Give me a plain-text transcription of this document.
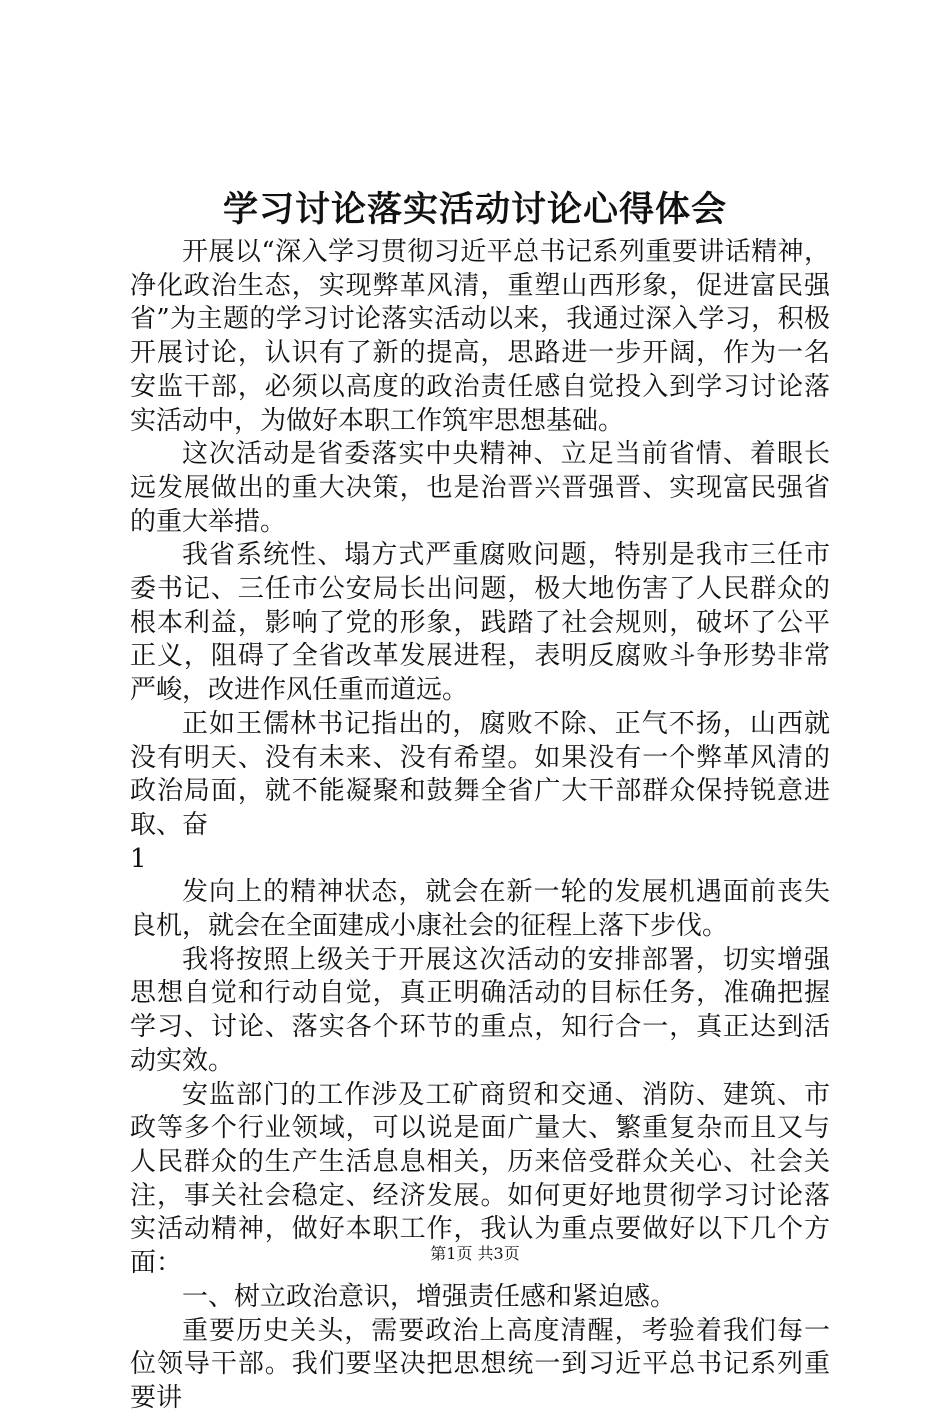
学习讨论落实活动讨论心得体会

开展以“深入学习贯彻习近平总书记系列重要讲话精神，净化政治生态，实现弊革风清，重塑山西形象，促进富民强省”为主题的学习讨论落实活动以来，我通过深入学习，积极开展讨论，认识有了新的提高，思路进一步开阔，作为一名安监干部，必须以高度的政治责任感自觉投入到学习讨论落实活动中，为做好本职工作筑牢思想基础。

这次活动是省委落实中央精神、立足当前省情、着眼长远发展做出的重大决策，也是治晋兴晋强晋、实现富民强省的重大举措。

我省系统性、塌方式严重腐败问题，特别是我市三任市委书记、三任市公安局长出问题，极大地伤害了人民群众的根本利益，影响了党的形象，践踏了社会规则，破坏了公平正义，阻碍了全省改革发展进程，表明反腐败斗争形势非常严峻，改进作风任重而道远。

正如王儒林书记指出的，腐败不除、正气不扬，山西就没有明天、没有未来、没有希望。如果没有一个弊革风清的政治局面，就不能凝聚和鼓舞全省广大干部群众保持锐意进取、奋

1

发向上的精神状态，就会在新一轮的发展机遇面前丧失良机，就会在全面建成小康社会的征程上落下步伐。

我将按照上级关于开展这次活动的安排部署，切实增强思想自觉和行动自觉，真正明确活动的目标任务，准确把握学习、讨论、落实各个环节的重点，知行合一，真正达到活动实效。

安监部门的工作涉及工矿商贸和交通、消防、建筑、市政等多个行业领域，可以说是面广量大、繁重复杂而且又与人民群众的生产生活息息相关，历来倍受群众关心、社会关注，事关社会稳定、经济发展。如何更好地贯彻学习讨论落实活动精神，做好本职工作，我认为重点要做好以下几个方面：

一、树立政治意识，增强责任感和紧迫感。

重要历史关头，需要政治上高度清醒，考验着我们每一位领导干部。我们要坚决把思想统一到习近平总书记系列重要讲

第1页 共3页
